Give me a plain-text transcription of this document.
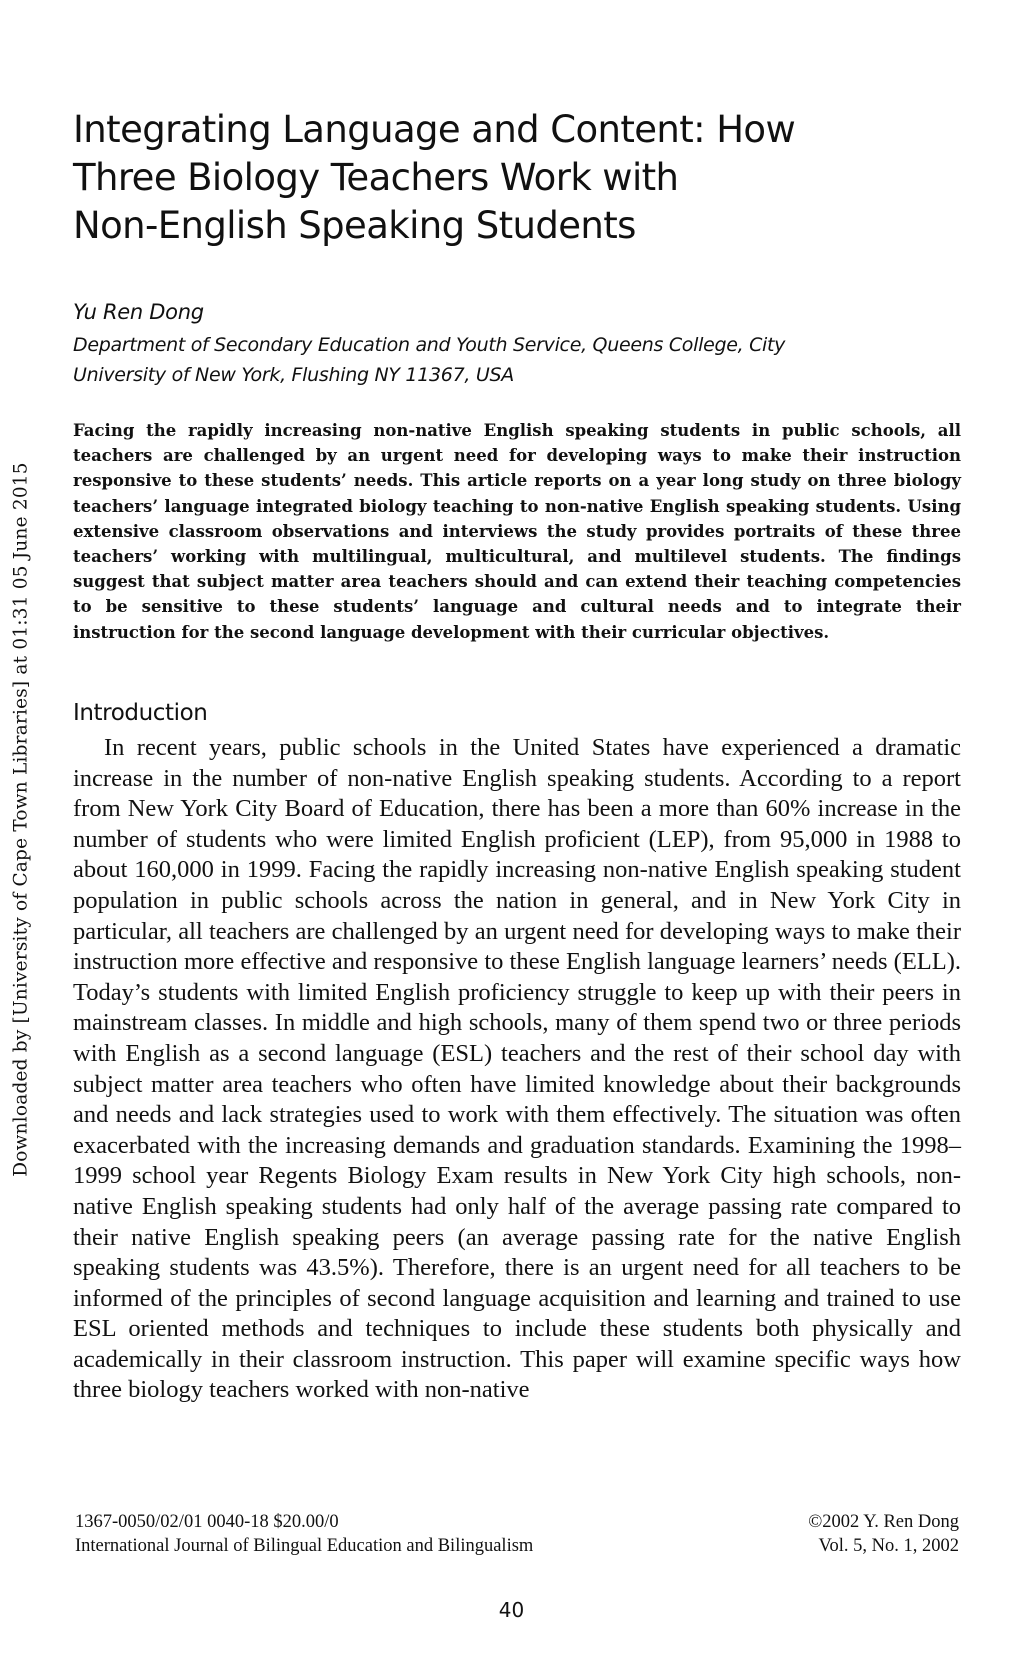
Downloaded by [University of Cape Town Libraries] at 01:31 05 June 2015
Integrating Language and Content: How
Three Biology Teachers Work with
Non-English Speaking Students
Yu Ren Dong
Department of Secondary Education and Youth Service, Queens College, City
University of New York, Flushing NY 11367, USA

Facing the rapidly increasing non-native English speaking students in public schools, all teachers are challenged by an urgent need for developing ways to make their instruction responsive to these students’ needs. This article reports on a year long study on three biology teachers’ language integrated biology teaching to non-native English speaking students. Using extensive classroom observations and interviews the study provides portraits of these three teachers’ working with multilingual, multicultural, and multilevel students. The findings suggest that subject matter area teachers should and can extend their teaching competencies to be sensitive to these students’ language and cultural needs and to integrate their instruction for the second language development with their curricular objectives.

Introduction

In recent years, public schools in the United States have experienced a dramatic increase in the number of non-native English speaking students. According to a report from New York City Board of Education, there has been a more than 60% increase in the number of students who were limited English proficient (LEP), from 95,000 in 1988 to about 160,000 in 1999. Facing the rapidly increasing non-native English speaking student population in public schools across the nation in general, and in New York City in particular, all teachers are challenged by an urgent need for developing ways to make their instruction more effective and responsive to these English language learners’ needs (ELL). Today’s students with limited English proficiency struggle to keep up with their peers in mainstream classes. In middle and high schools, many of them spend two or three periods with English as a second language (ESL) teachers and the rest of their school day with subject matter area teachers who often have limited knowledge about their backgrounds and needs and lack strategies used to work with them effectively. The situation was often exacerbated with the increasing demands and graduation standards. Examining the 1998–1999 school year Regents Biology Exam results in New York City high schools, non-native English speaking students had only half of the average passing rate compared to their native English speaking peers (an average passing rate for the native English speaking students was 43.5%). Therefore, there is an urgent need for all teachers to be informed of the principles of second language acquisition and learning and trained to use ESL oriented methods and techniques to include these students both physically and academically in their classroom instruction. This paper will examine specific ways how three biology teachers worked with non-native

1367-0050/02/01 0040-18 $20.00/0
International Journal of Bilingual Education and Bilingualism
©2002 Y. Ren Dong
Vol. 5, No. 1, 2002
40
